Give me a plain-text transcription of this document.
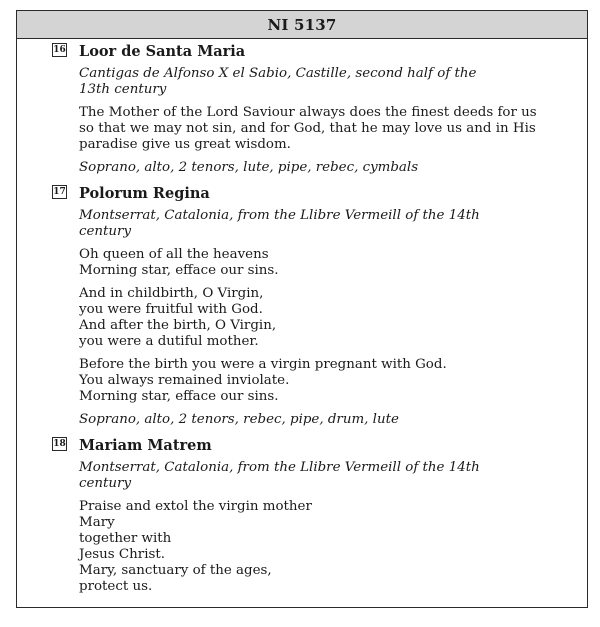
NI 5137
16 Loor de Santa Maria
Cantigas de Alfonso X el Sabio, Castille, second half of the
13th century
The Mother of the Lord Saviour always does the finest deeds for us
so that we may not sin, and for God, that he may love us and in His
paradise give us great wisdom.
Soprano, alto, 2 tenors, lute, pipe, rebec, cymbals
17 Polorum Regina
Montserrat, Catalonia, from the Llibre Vermeill of the 14th
century
Oh queen of all the heavens
Morning star, efface our sins.
And in childbirth, O Virgin,
you were fruitful with God.
And after the birth, O Virgin,
you were a dutiful mother.
Before the birth you were a virgin pregnant with God.
You always remained inviolate.
Morning star, efface our sins.
Soprano, alto, 2 tenors, rebec, pipe, drum, lute
18 Mariam Matrem
Montserrat, Catalonia, from the Llibre Vermeill of the 14th
century
Praise and extol the virgin mother
Mary
together with
Jesus Christ.
Mary, sanctuary of the ages,
protect us.
